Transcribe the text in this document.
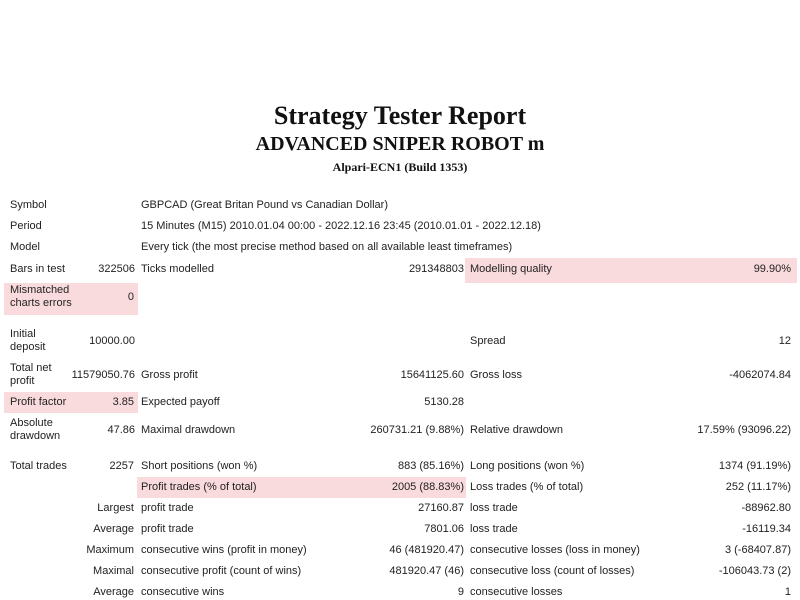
Strategy Tester Report
ADVANCED SNIPER ROBOT m
Alpari-ECN1 (Build 1353)
Symbol	GBPCAD (Great Britan Pound vs Canadian Dollar)
Period	15 Minutes (M15) 2010.01.04 00:00 - 2022.12.16 23:45 (2010.01.01 - 2022.12.18)
Model	Every tick (the most precise method based on all available least timeframes)
Bars in test	322506 Ticks modelled	291348803 Modelling quality	99.90%
Mismatched
charts errors	0
Initial
deposit	10000.00	Spread	12
Total net
profit	11579050.76 Gross profit	15641125.60 Gross loss	-4062074.84
Profit factor	3.85 Expected payoff	5130.28
Absolute
drawdown	47.86 Maximal drawdown	260731.21 (9.88%) Relative drawdown	17.59% (93096.22)
Total trades	2257 Short positions (won %)	883 (85.16%) Long positions (won %)	1374 (91.19%)
Profit trades (% of total)	2005 (88.83%) Loss trades (% of total)	252 (11.17%)
Largest profit trade	27160.87 loss trade	-88962.80
Average profit trade	7801.06 loss trade	-16119.34
Maximum consecutive wins (profit in money)	46 (481920.47) consecutive losses (loss in money)	3 (-68407.87)
Maximal consecutive profit (count of wins)	481920.47 (46) consecutive loss (count of losses)	-106043.73 (2)
Average consecutive wins	9 consecutive losses	1
